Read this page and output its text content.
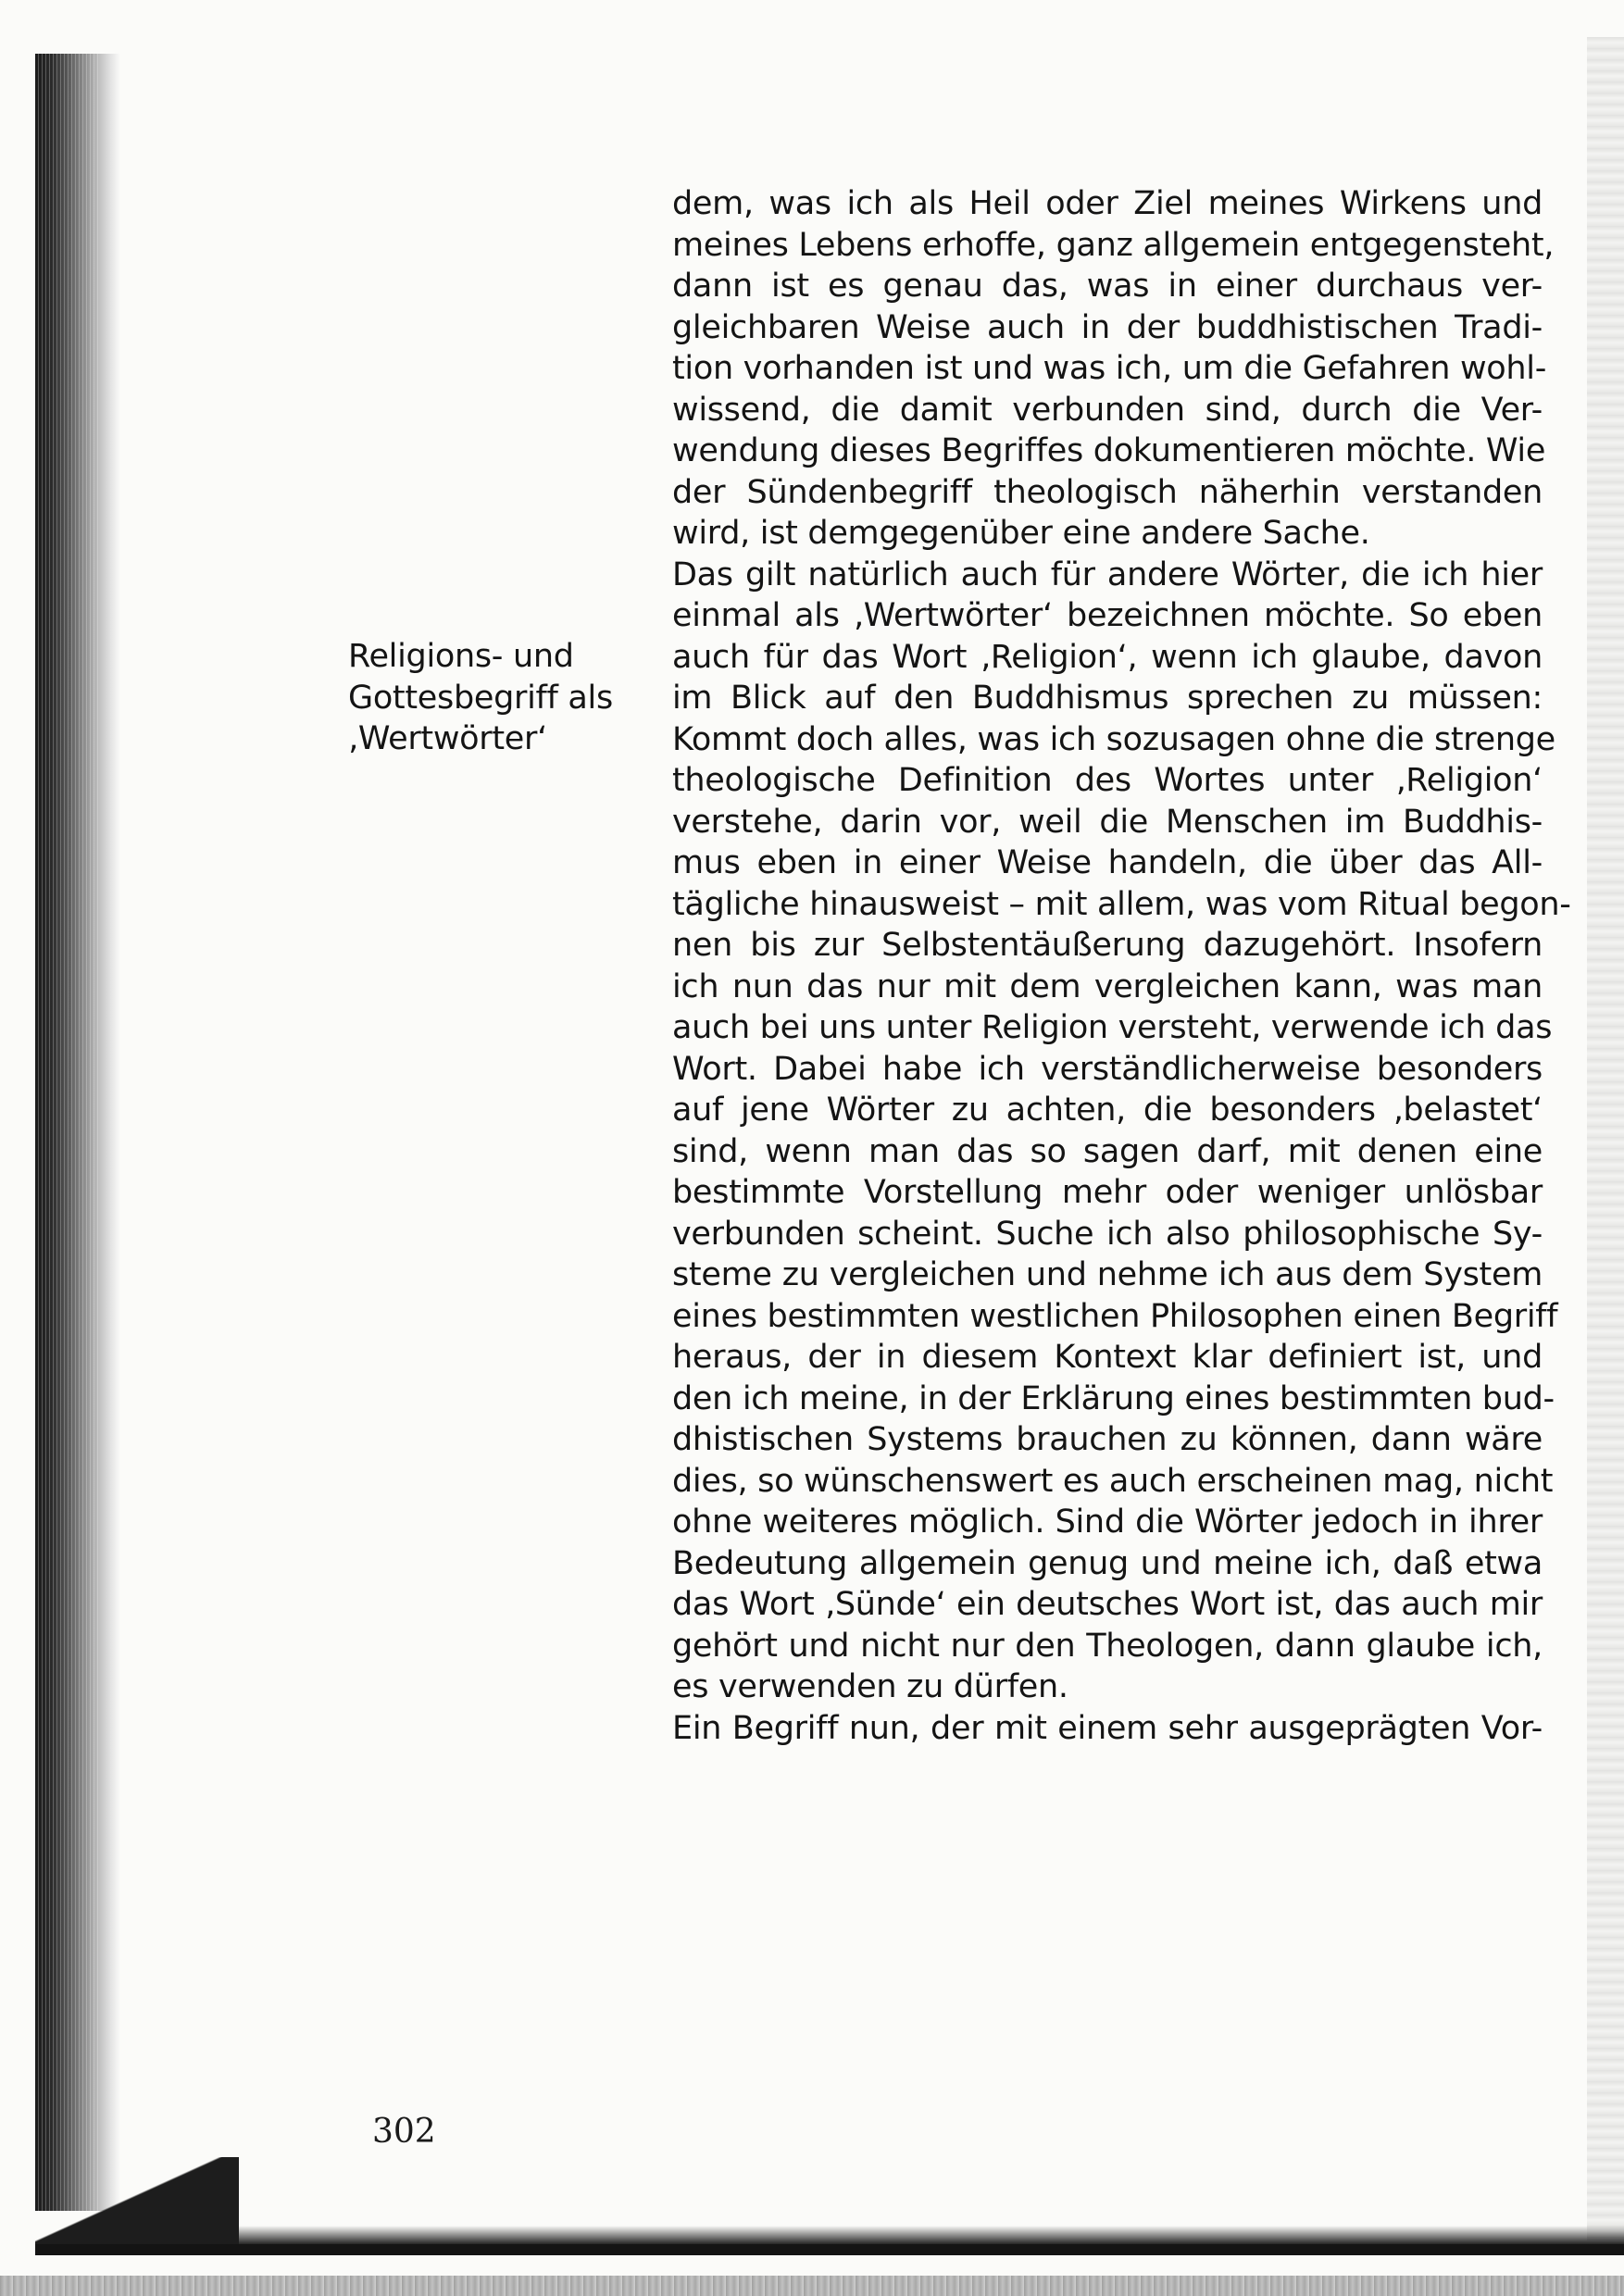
Religions- und
Gottesbegriff als
‚Wertwörter‘
dem, was ich als Heil oder Ziel meines Wirkens und
meines Lebens erhoffe, ganz allgemein entgegensteht,
dann ist es genau das, was in einer durchaus ver-
gleichbaren Weise auch in der buddhistischen Tradi-
tion vorhanden ist und was ich, um die Gefahren wohl-
wissend, die damit verbunden sind, durch die Ver-
wendung dieses Begriffes dokumentieren möchte. Wie
der Sündenbegriff theologisch näherhin verstanden
wird, ist demgegenüber eine andere Sache.
Das gilt natürlich auch für andere Wörter, die ich hier
einmal als ‚Wertwörter‘ bezeichnen möchte. So eben
auch für das Wort ‚Religion‘, wenn ich glaube, davon
im Blick auf den Buddhismus sprechen zu müssen:
Kommt doch alles, was ich sozusagen ohne die strenge
theologische Definition des Wortes unter ‚Religion‘
verstehe, darin vor, weil die Menschen im Buddhis-
mus eben in einer Weise handeln, die über das All-
tägliche hinausweist – mit allem, was vom Ritual begon-
nen bis zur Selbstentäußerung dazugehört. Insofern
ich nun das nur mit dem vergleichen kann, was man
auch bei uns unter Religion versteht, verwende ich das
Wort. Dabei habe ich verständlicherweise besonders
auf jene Wörter zu achten, die besonders ‚belastet‘
sind, wenn man das so sagen darf, mit denen eine
bestimmte Vorstellung mehr oder weniger unlösbar
verbunden scheint. Suche ich also philosophische Sy-
steme zu vergleichen und nehme ich aus dem System
eines bestimmten westlichen Philosophen einen Begriff
heraus, der in diesem Kontext klar definiert ist, und
den ich meine, in der Erklärung eines bestimmten bud-
dhistischen Systems brauchen zu können, dann wäre
dies, so wünschenswert es auch erscheinen mag, nicht
ohne weiteres möglich. Sind die Wörter jedoch in ihrer
Bedeutung allgemein genug und meine ich, daß etwa
das Wort ‚Sünde‘ ein deutsches Wort ist, das auch mir
gehört und nicht nur den Theologen, dann glaube ich,
es verwenden zu dürfen.
Ein Begriff nun, der mit einem sehr ausgeprägten Vor-
302
